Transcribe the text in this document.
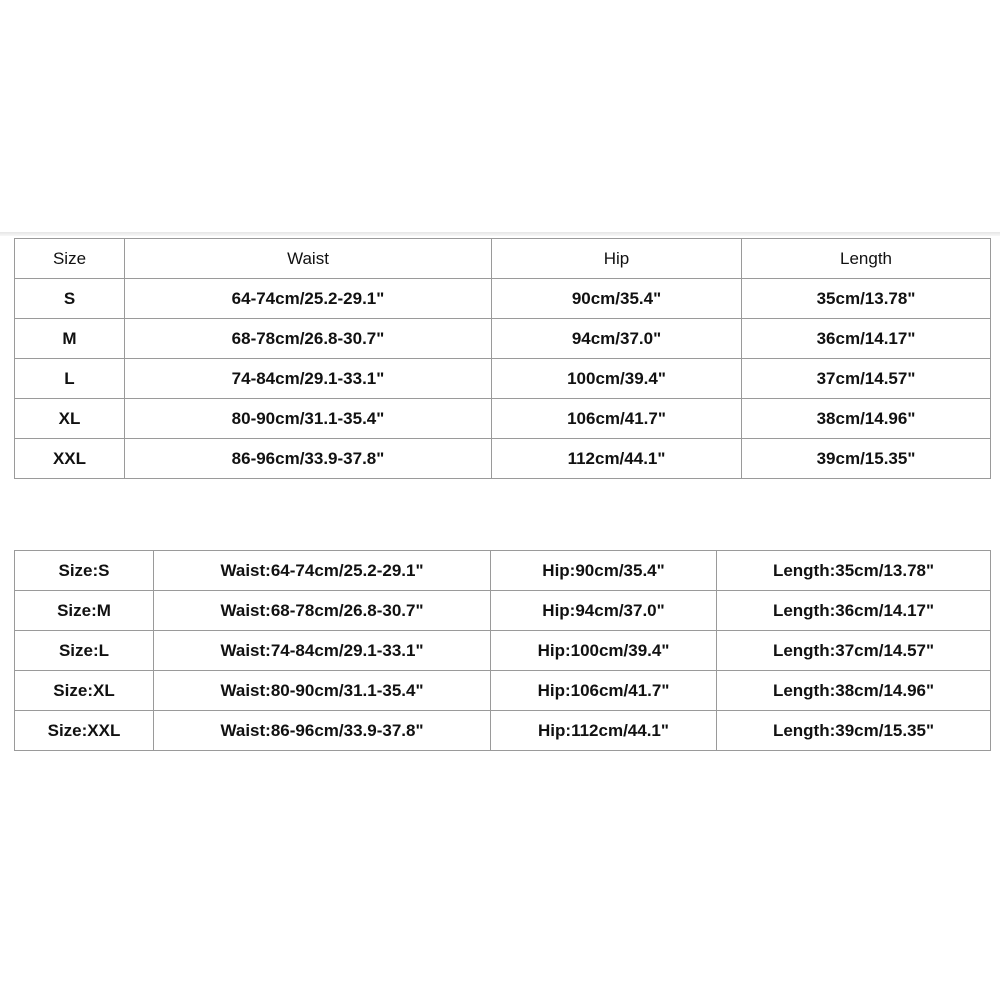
Size	Waist	Hip	Length
S	64-74cm/25.2-29.1"	90cm/35.4"	35cm/13.78"
M	68-78cm/26.8-30.7"	94cm/37.0"	36cm/14.17"
L	74-84cm/29.1-33.1"	100cm/39.4"	37cm/14.57"
XL	80-90cm/31.1-35.4"	106cm/41.7"	38cm/14.96"
XXL	86-96cm/33.9-37.8"	112cm/44.1"	39cm/15.35"
Size:S	Waist:64-74cm/25.2-29.1"	Hip:90cm/35.4"	Length:35cm/13.78"
Size:M	Waist:68-78cm/26.8-30.7"	Hip:94cm/37.0"	Length:36cm/14.17"
Size:L	Waist:74-84cm/29.1-33.1"	Hip:100cm/39.4"	Length:37cm/14.57"
Size:XL	Waist:80-90cm/31.1-35.4"	Hip:106cm/41.7"	Length:38cm/14.96"
Size:XXL	Waist:86-96cm/33.9-37.8"	Hip:112cm/44.1"	Length:39cm/15.35"
